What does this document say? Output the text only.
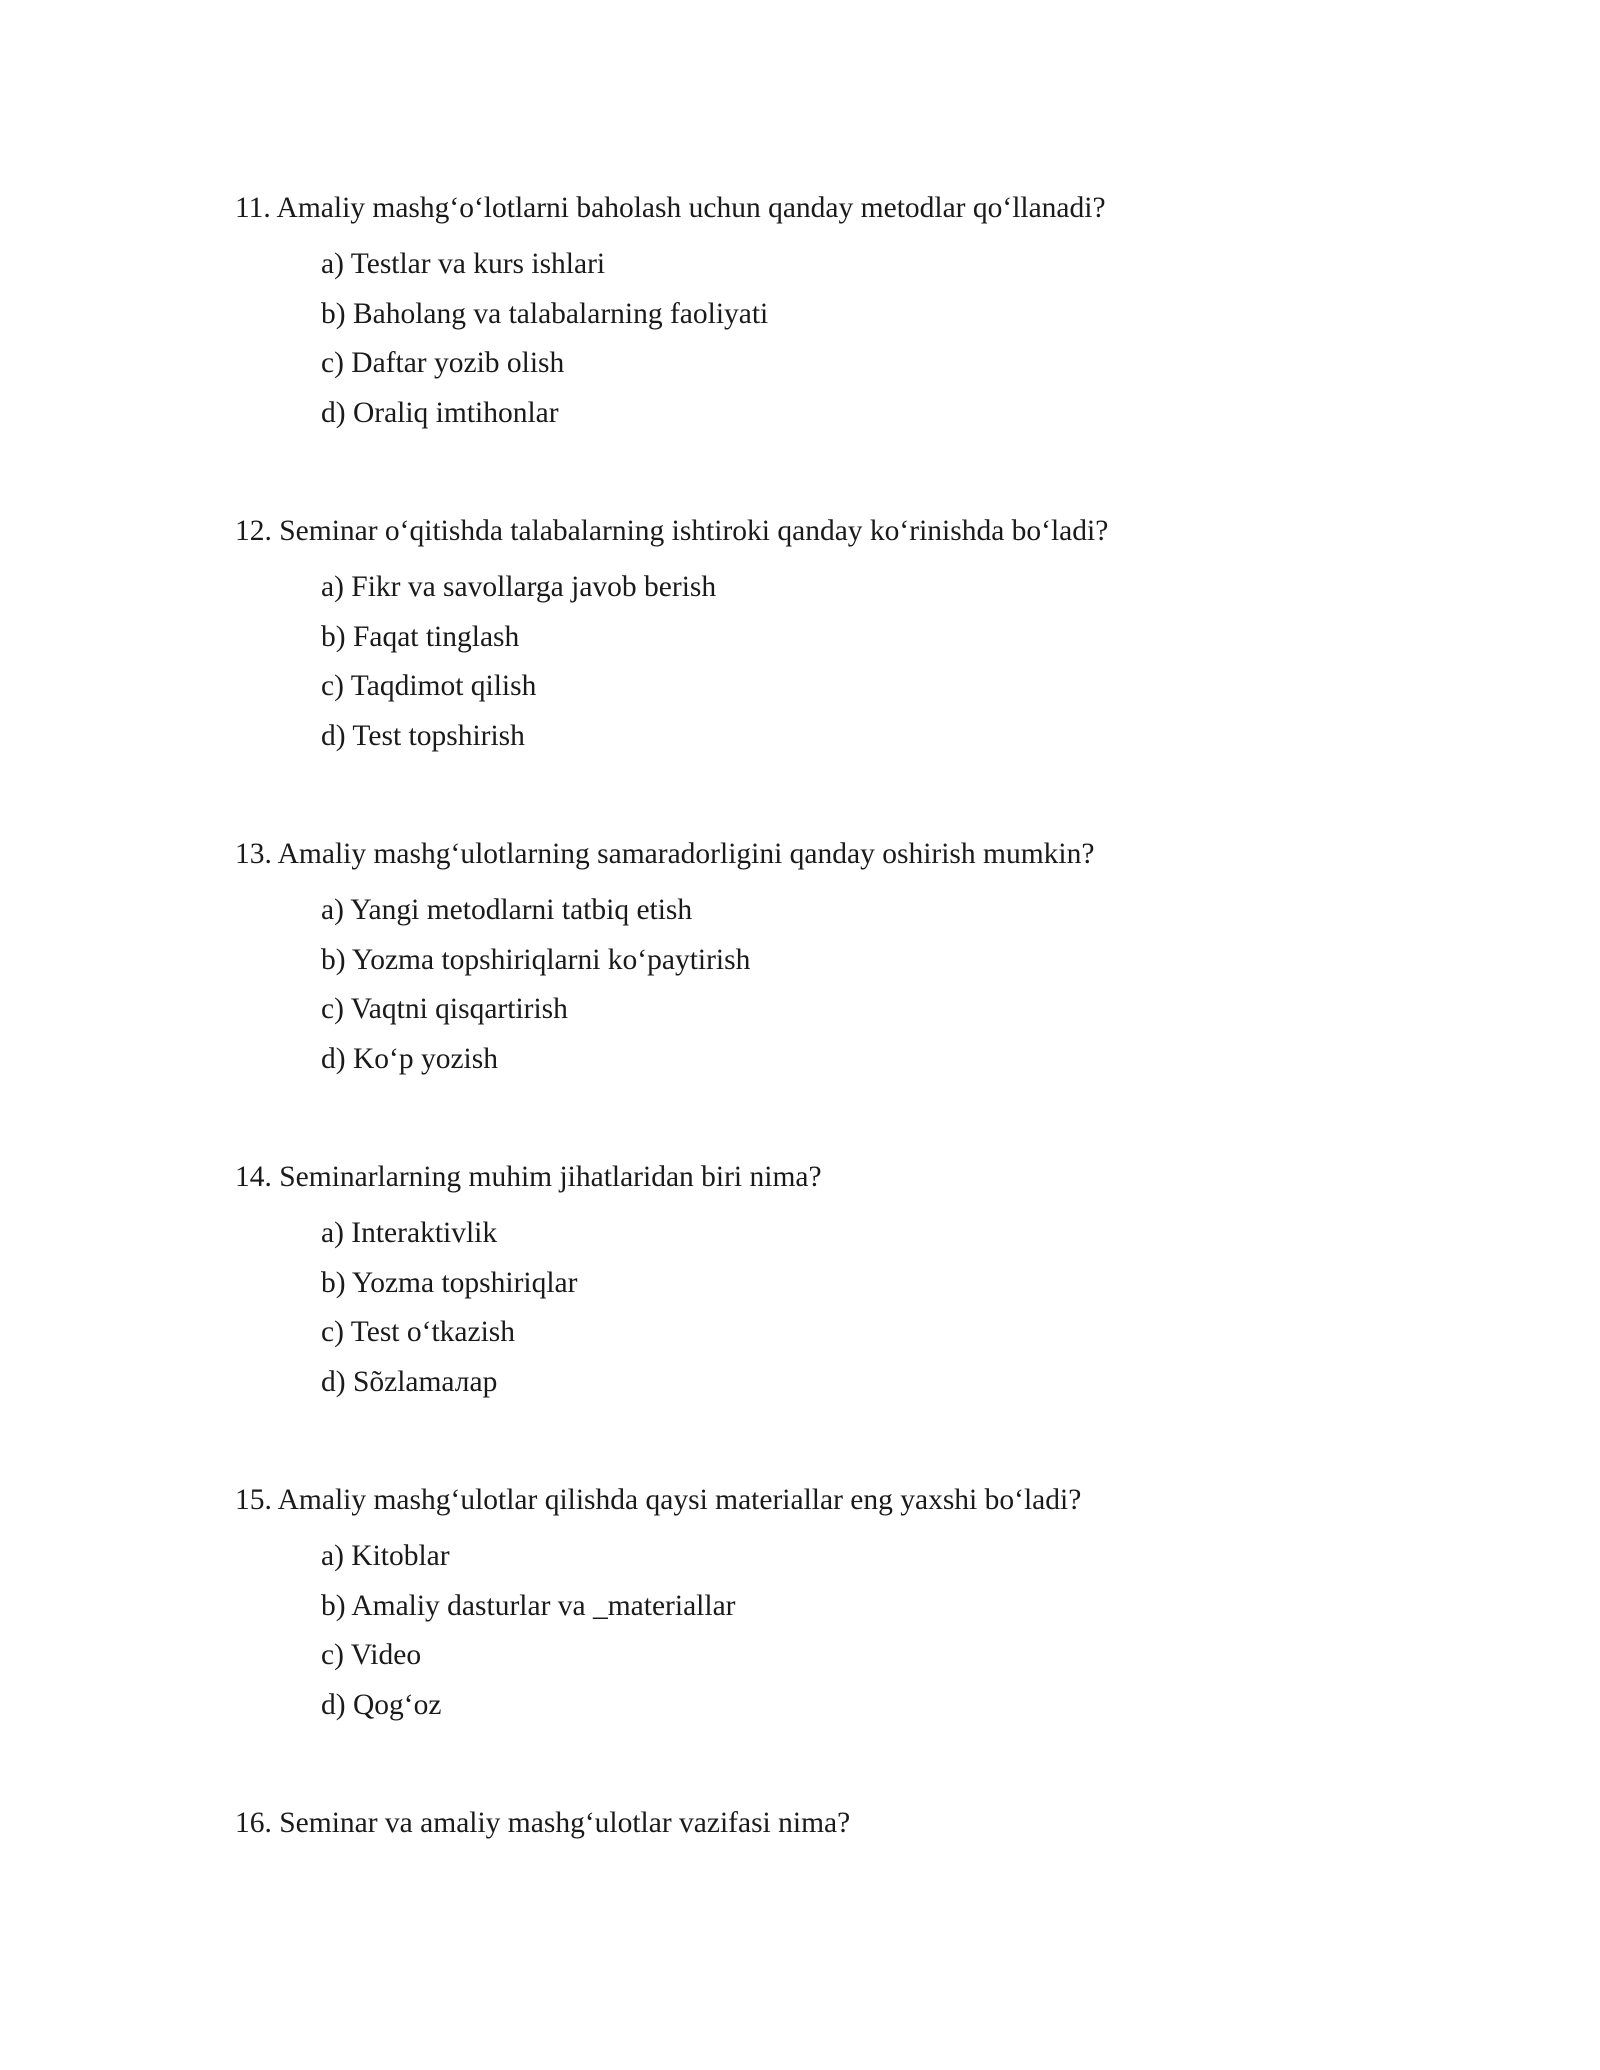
11. Amaliy mashg‘o‘lotlarni baholash uchun qanday metodlar qo‘llanadi?
a) Testlar va kurs ishlari
b) Baholang va talabalarning faoliyati
c) Daftar yozib olish
d) Oraliq imtihonlar
12. Seminar o‘qitishda talabalarning ishtiroki qanday ko‘rinishda bo‘ladi?
a) Fikr va savollarga javob berish
b) Faqat tinglash
c) Taqdimot qilish
d) Test topshirish
13. Amaliy mashg‘ulotlarning samaradorligini qanday oshirish mumkin?
a) Yangi metodlarni tatbiq etish
b) Yozma topshiriqlarni ko‘paytirish
c) Vaqtni qisqartirish
d) Ko‘p yozish
14. Seminarlarning muhim jihatlaridan biri nima?
a) Interaktivlik
b) Yozma topshiriqlar
c) Test o‘tkazish
d) Sõzlamалар
15. Amaliy mashg‘ulotlar qilishda qaysi materiallar eng yaxshi bo‘ladi?
a) Kitoblar
b) Amaliy dasturlar va _materiallar
c) Video
d) Qog‘oz
16. Seminar va amaliy mashg‘ulotlar vazifasi nima?
